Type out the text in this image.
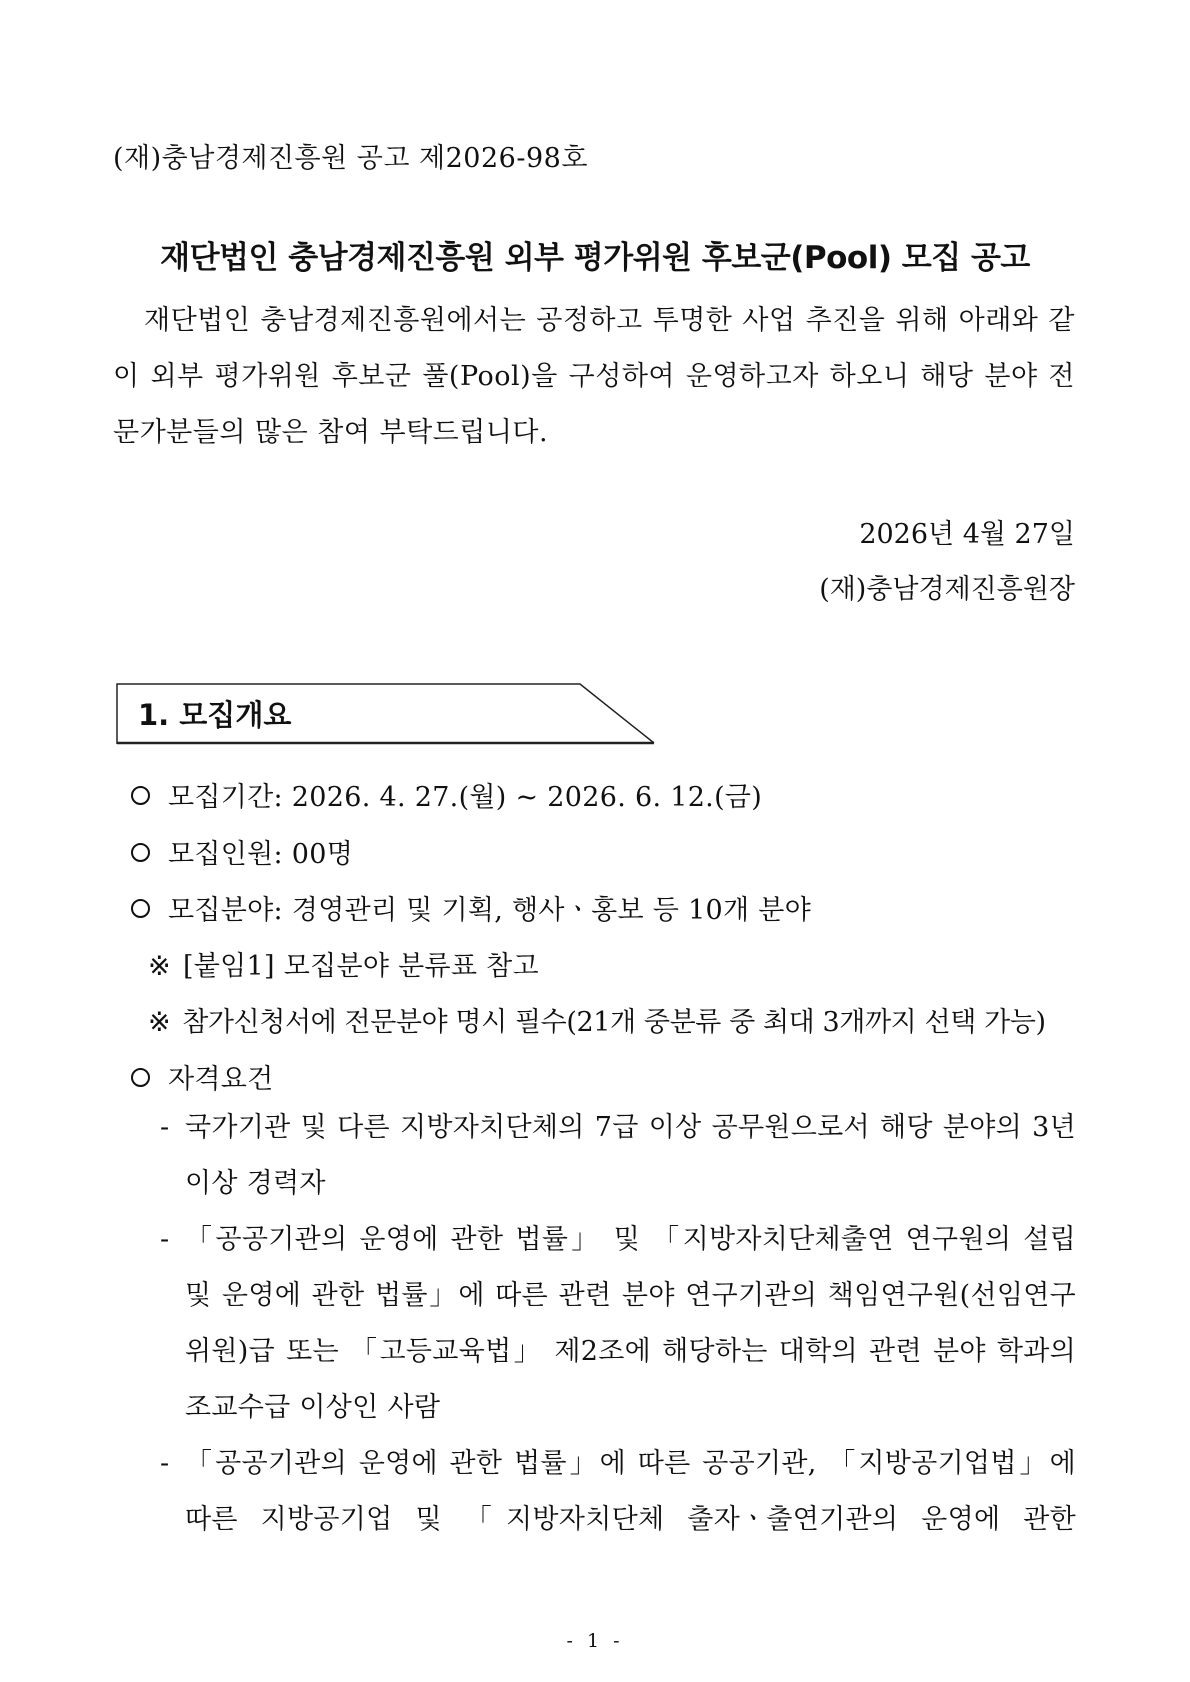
(재)충남경제진흥원 공고 제2026-98호
재단법인 충남경제진흥원 외부 평가위원 후보군(Pool) 모집 공고

재단법인 충남경제진흥원에서는 공정하고 투명한 사업 추진을 위해 아래와 같이 외부 평가위원 후보군 풀(Pool)을 구성하여 운영하고자 하오니 해당 분야 전문가분들의 많은 참여 부탁드립니다.

2026년 4월 27일
(재)충남경제진흥원장
1. 모집개요
모집기간: 2026. 4. 27.(월) ~ 2026. 6. 12.(금)
모집인원: 00명
모집분야: 경영관리 및 기획, 행사ㆍ홍보 등 10개 분야
※ [붙임1] 모집분야 분류표 참고
※ 참가신청서에 전문분야 명시 필수(21개 중분류 중 최대 3개까지 선택 가능)
자격요건
- 국가기관 및 다른 지방자치단체의 7급 이상 공무원으로서 해당 분야의 3년 이상 경력자
- 「공공기관의 운영에 관한 법률」 및 「지방자치단체출연 연구원의 설립 및 운영에 관한 법률」에 따른 관련 분야 연구기관의 책임연구원(선임연구위원)급 또는 「고등교육법」 제2조에 해당하는 대학의 관련 분야 학과의 조교수급 이상인 사람
- 「공공기관의 운영에 관한 법률」에 따른 공공기관, 「지방공기업법」에 따른 지방공기업 및 「지방자치단체 출자ㆍ출연기관의 운영에 관한
- 1 -
